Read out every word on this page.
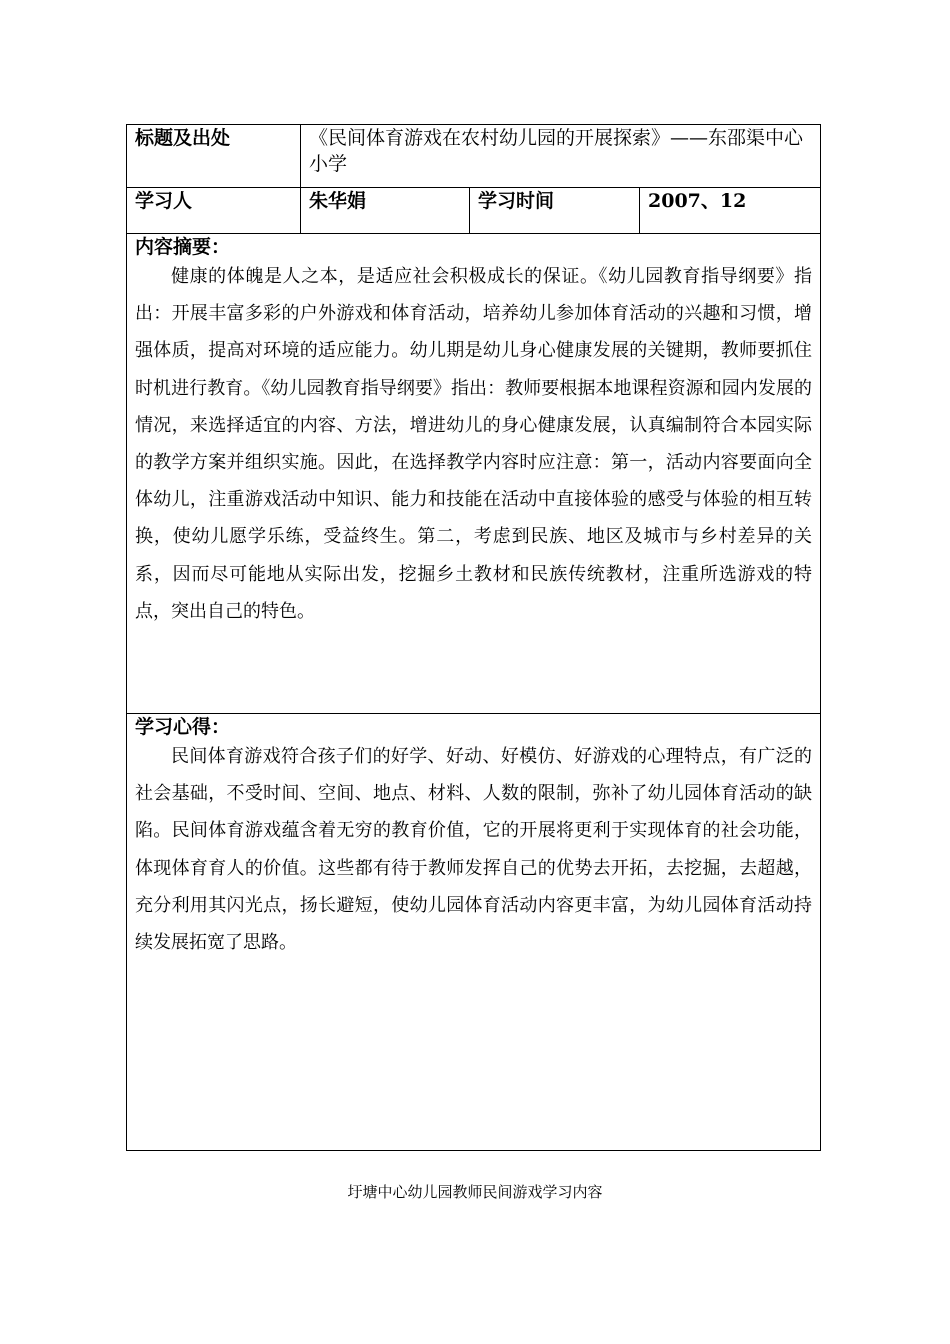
标题及出处	《民间体育游戏在农村幼儿园的开展探索》——东邵渠中心小学		
学习人	朱华娟	学习时间	2007、12

内容摘要：

健康的体魄是人之本，是适应社会积极成长的保证。《幼儿园教育指导纲要》指出：开展丰富多彩的户外游戏和体育活动，培养幼儿参加体育活动的兴趣和习惯，增强体质，提高对环境的适应能力。幼儿期是幼儿身心健康发展的关键期，教师要抓住时机进行教育。《幼儿园教育指导纲要》指出：教师要根据本地课程资源和园内发展的情况，来选择适宜的内容、方法，增进幼儿的身心健康发展，认真编制符合本园实际的教学方案并组织实施。因此，在选择教学内容时应注意：第一，活动内容要面向全体幼儿，注重游戏活动中知识、能力和技能在活动中直接体验的感受与体验的相互转换，使幼儿愿学乐练，受益终生。第二，考虑到民族、地区及城市与乡村差异的关系，因而尽可能地从实际出发，挖掘乡土教材和民族传统教材，注重所选游戏的特点，突出自己的特色。			

学习心得：

民间体育游戏符合孩子们的好学、好动、好模仿、好游戏的心理特点，有广泛的社会基础，不受时间、空间、地点、材料、人数的限制，弥补了幼儿园体育活动的缺陷。民间体育游戏蕴含着无穷的教育价值，它的开展将更利于实现体育的社会功能，体现体育育人的价值。这些都有待于教师发挥自己的优势去开拓，去挖掘，去超越，充分利用其闪光点，扬长避短，使幼儿园体育活动内容更丰富，为幼儿园体育活动持续发展拓宽了思路。			

圩塘中心幼儿园教师民间游戏学习内容
